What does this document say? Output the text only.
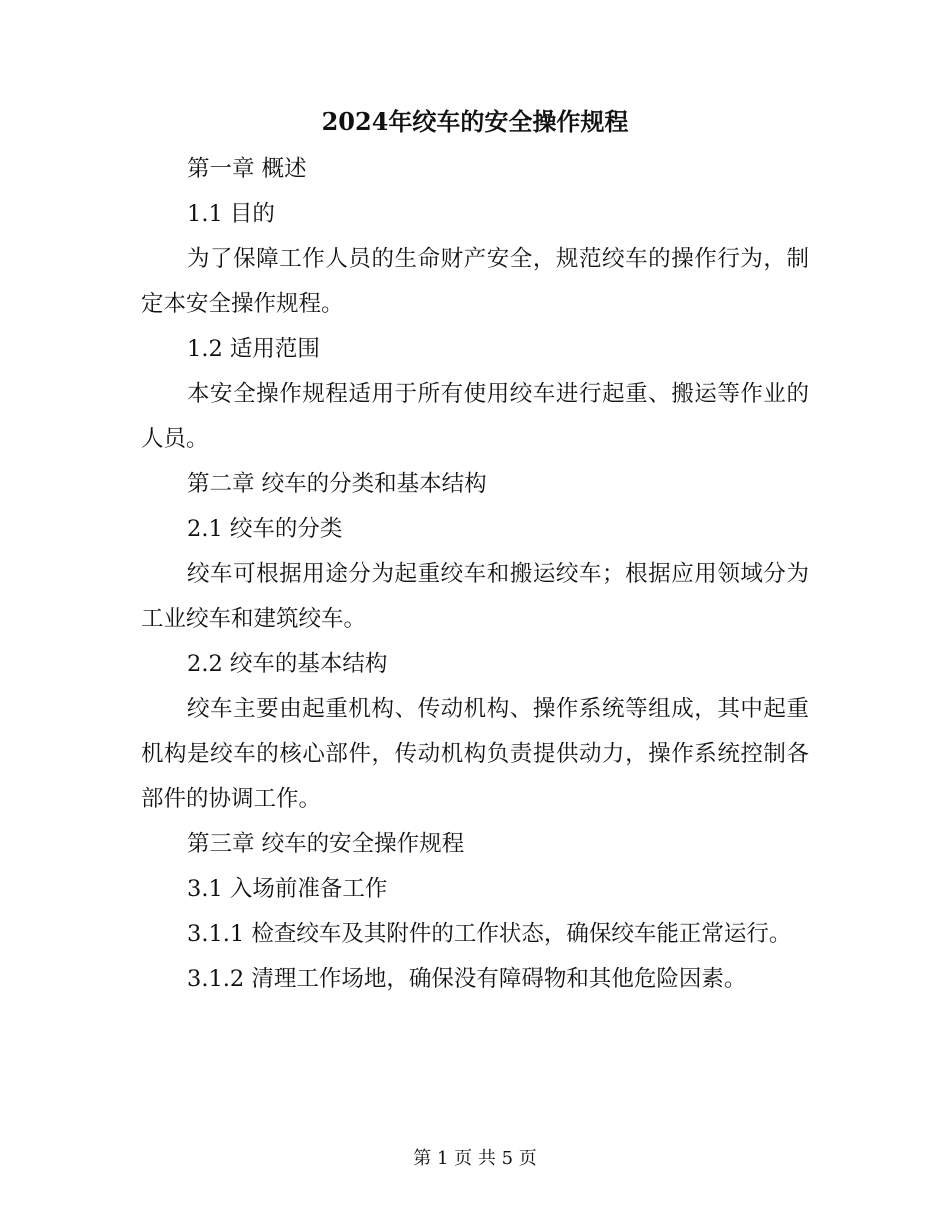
2024年绞车的安全操作规程

第一章 概述

1.1 目的

为了保障工作人员的生命财产安全，规范绞车的操作行为，制定本安全操作规程。

1.2 适用范围

本安全操作规程适用于所有使用绞车进行起重、搬运等作业的人员。

第二章 绞车的分类和基本结构

2.1 绞车的分类

绞车可根据用途分为起重绞车和搬运绞车；根据应用领域分为工业绞车和建筑绞车。

2.2 绞车的基本结构

绞车主要由起重机构、传动机构、操作系统等组成，其中起重机构是绞车的核心部件，传动机构负责提供动力，操作系统控制各部件的协调工作。

第三章 绞车的安全操作规程

3.1 入场前准备工作

3.1.1 检查绞车及其附件的工作状态，确保绞车能正常运行。

3.1.2 清理工作场地，确保没有障碍物和其他危险因素。

第 1 页 共 5 页
